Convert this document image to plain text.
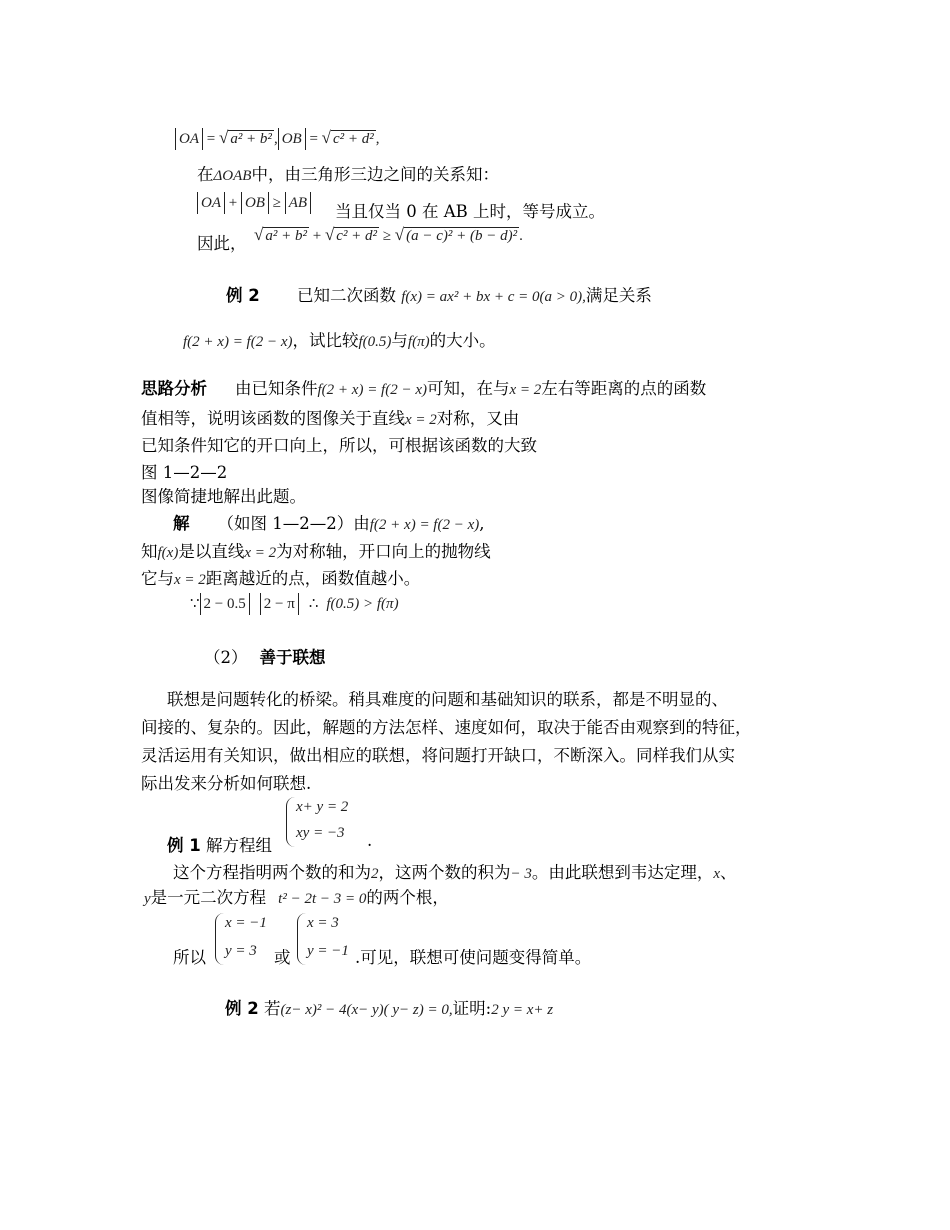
OA = √ a² + b² , OB = √ c² + d² ,
在ΔOAB中，由三角形三边之间的关系知：
OA + OB ≥ AB 当且仅当 0 在 AB 上时，等号成立。
因此， √ a² + b² + √ c² + d² ≥ √ (a − c)² + (b − d)² .
例 2 已知二次函数 f(x) = ax² + bx + c = 0(a > 0),满足关系
f(2 + x) = f(2 − x)，试比较f(0.5)与f(π)的大小。
思路分析 由已知条件f(2 + x) = f(2 − x)可知，在与x = 2左右等距离的点的函数
值相等，说明该函数的图像关于直线x = 2对称，又由
已知条件知它的开口向上，所以，可根据该函数的大致
图 1—2—2
图像简捷地解出此题。
解 （如图 1—2—2）由f(2 + x) = f(2 − x),
知f(x)是以直线x = 2为对称轴，开口向上的抛物线
它与x = 2距离越近的点，函数值越小。
∵ 2 − 0.5 2 − π ∴ f(0.5) > f(π)
（2） 善于联想
联想是问题转化的桥梁。稍具难度的问题和基础知识的联系，都是不明显的、
间接的、复杂的。因此，解题的方法怎样、速度如何，取决于能否由观察到的特征，
灵活运用有关知识，做出相应的联想，将问题打开缺口，不断深入。同样我们从实
际出发来分析如何联想.
例 1 解方程组
x+ y = 2
xy = −3 .
这个方程指明两个数的和为2，这两个数的积为− 3。由此联想到韦达定理，x、
y是一元二次方程 t² − 2t − 3 = 0的两个根，
所以
x = −1
y = 3 或
x = 3
y = −1 .可见，联想可使问题变得简单。
例 2 若(z− x)² − 4(x− y)( y− z) = 0,证明:2 y = x+ z
